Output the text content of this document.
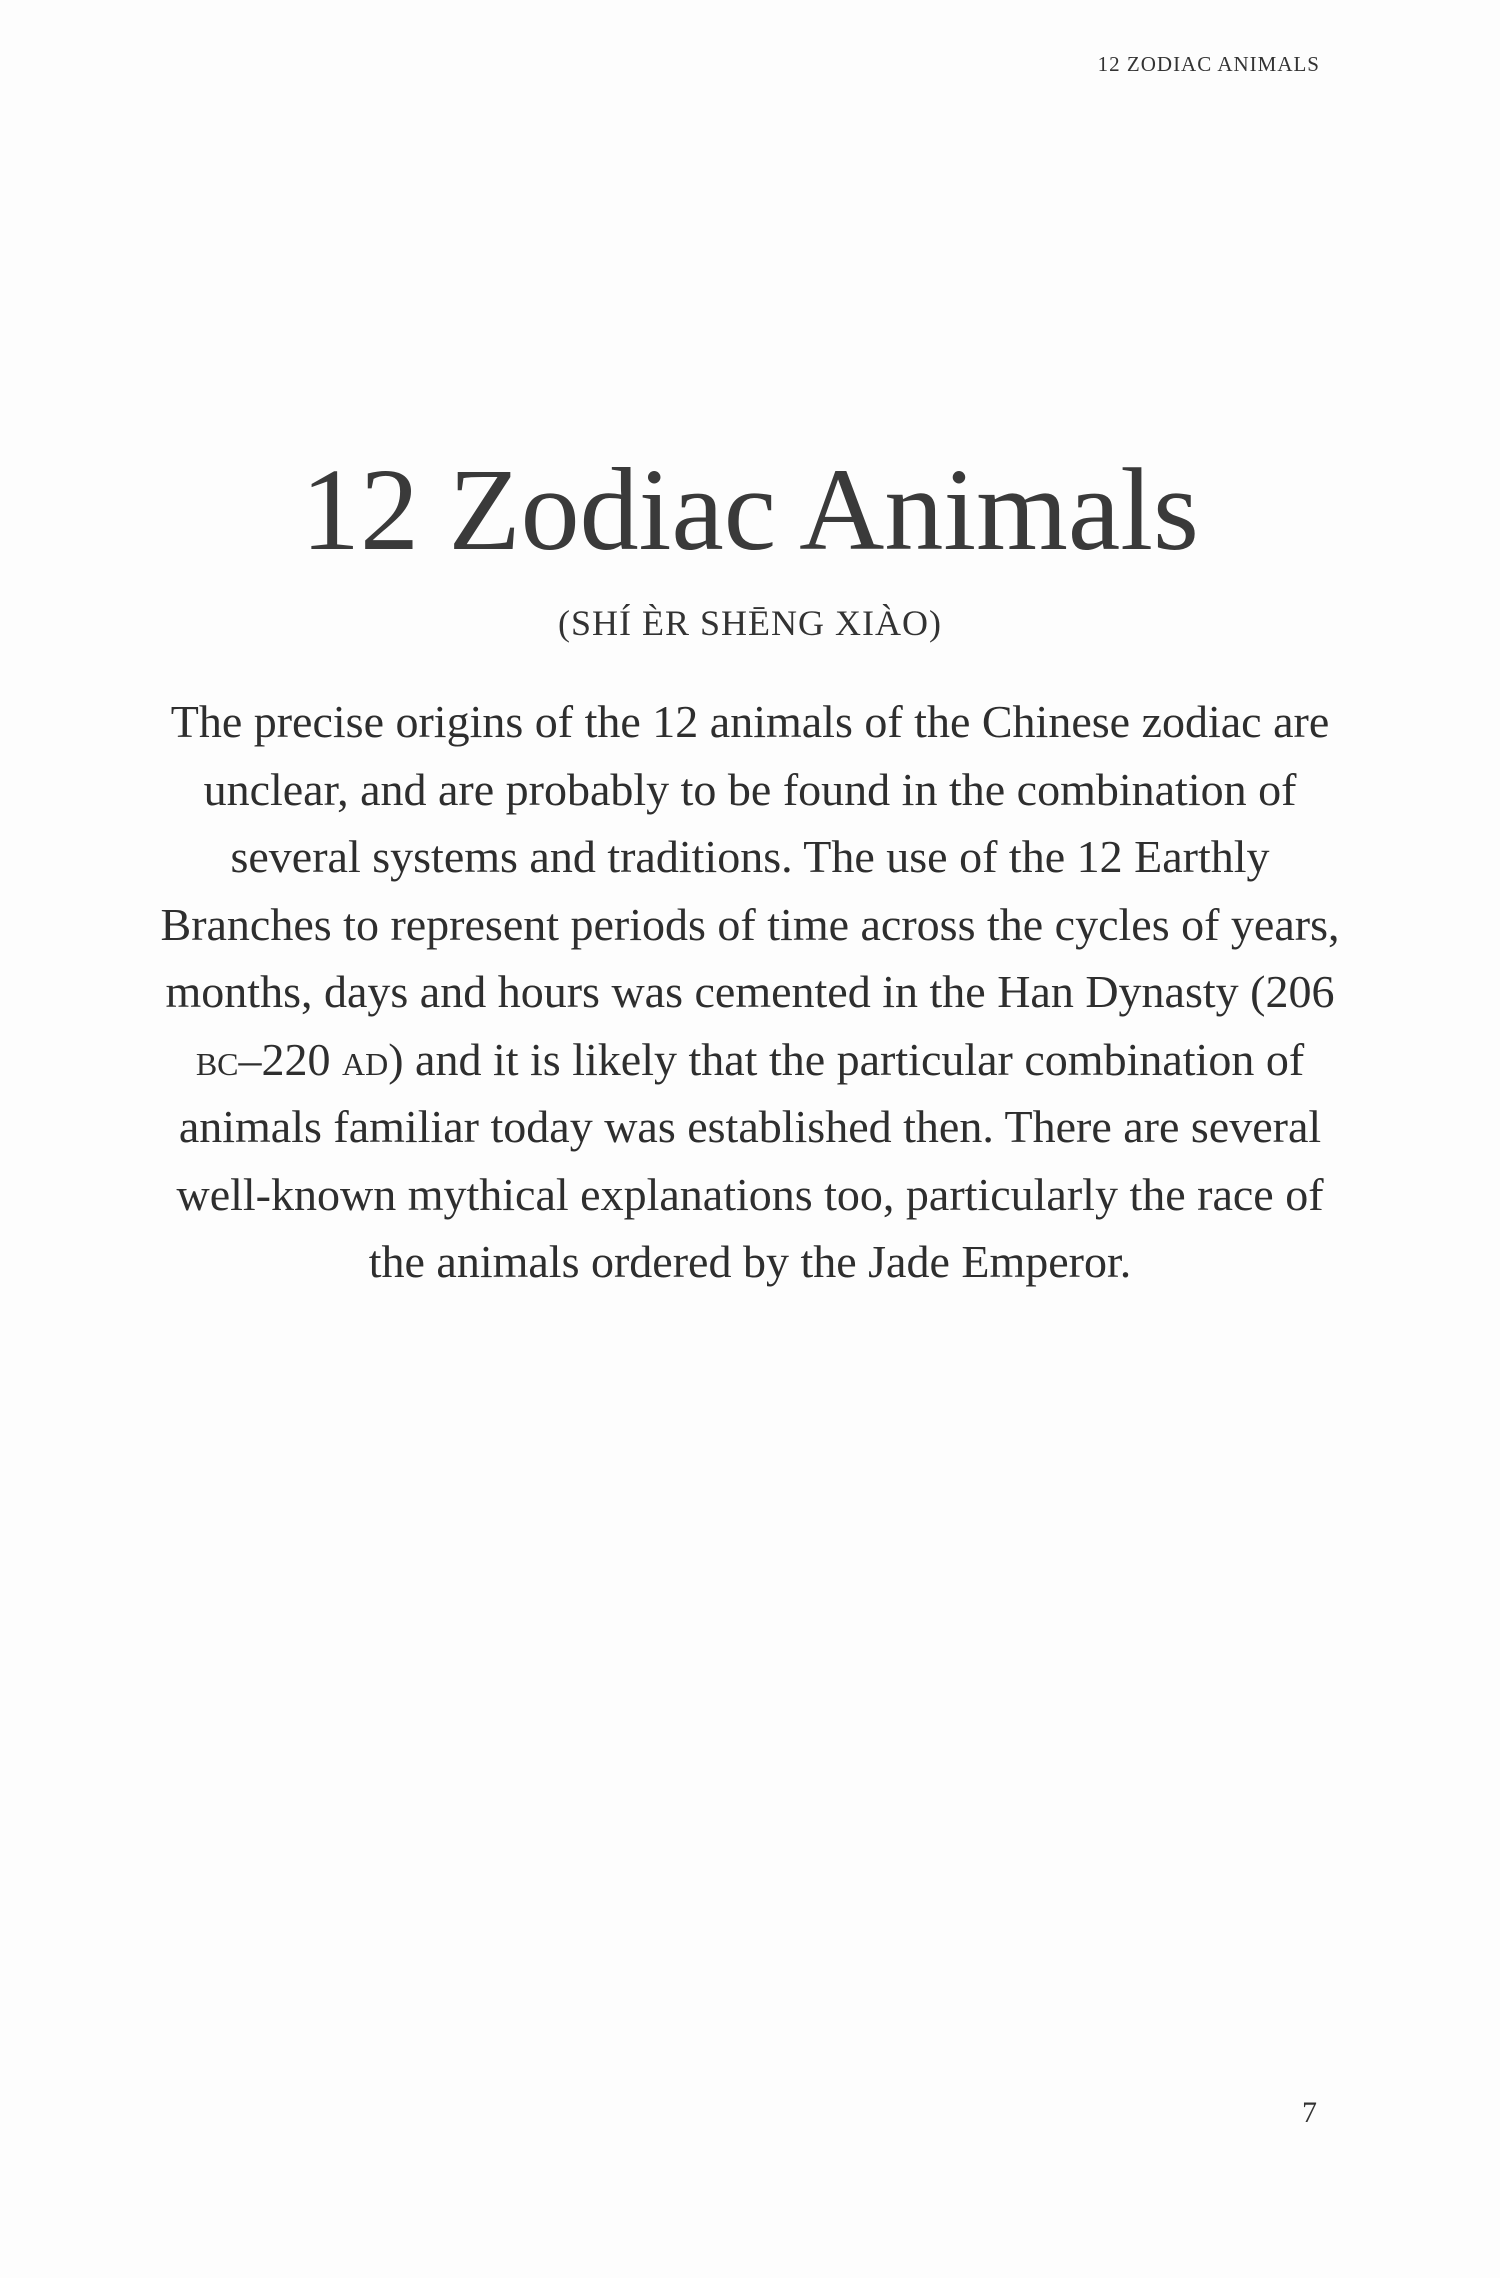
12 ZODIAC ANIMALS
12 Zodiac Animals
(SHÍ ÈR SHĒNG XIÀO)

The precise origins of the 12 animals of the Chinese zodiac are unclear, and are probably to be found in the combination of several systems and traditions. The use of the 12 Earthly Branches to represent periods of time across the cycles of years, months, days and hours was cemented in the Han Dynasty (206 bc–220 ad) and it is likely that the particular combination of animals familiar today was established then. There are several well-known mythical explanations too, particularly the race of the animals ordered by the Jade Emperor.

7
